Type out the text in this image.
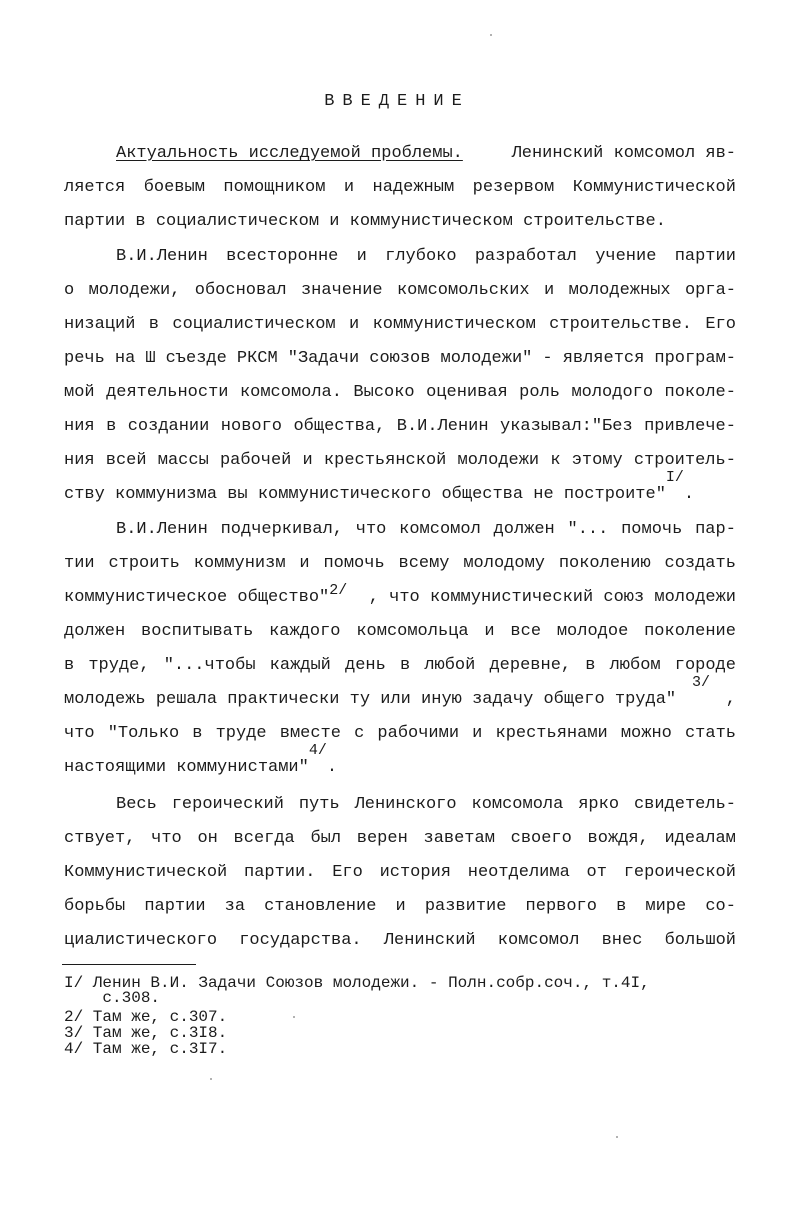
ВВЕДЕНИЕ
Актуальность исследуемой проблемы.	Ленинский комсомол яв-
ляется боевым помощником и надежным резервом Коммунистической
партии в социалистическом и коммунистическом строительстве.
В.И.Ленин всесторонне и глубоко разработал учение партии
о молодежи, обосновал значение комсомольских и молодежных орга-
низаций в социалистическом и коммунистическом строительстве. Его
речь на Ш съезде РКСМ "Задачи союзов молодежи" - является програм-
мой деятельности комсомола. Высоко оценивая роль молодого поколе-
ния в создании нового общества, В.И.Ленин указывал:"Без привлече-
ния всей массы рабочей и крестьянской молодежи к этому строитель-
ству коммунизма вы коммунистического общества не построите"
I/
.
В.И.Ленин подчеркивал, что комсомол должен "... помочь пар-
тии строить коммунизм и помочь всему молодому поколению создать
коммунистическое общество"$^{2/}$ , что коммунистический союз молодежи
должен воспитывать каждого комсомольца и все молодое поколение
в труде, "...чтобы каждый день в любой деревне, в любом городе
молодежь решала практически ту или иную задачу общего труда"
3/
,
что "Только в труде вместе с рабочими и крестьянами можно стать
настоящими коммунистами"
4/
.
Весь героический путь Ленинского комсомола ярко свидетель-
ствует, что он всегда был верен заветам своего вождя, идеалам
Коммунистической партии. Его история неотделима от героической
борьбы партии за становление и развитие первого в мире со-
циалистического государства. Ленинский комсомол внес большой
I/ Ленин В.И. Задачи Союзов молодежи. - Полн.собр.соч., т.4I,
с.308.
2/ Там же, с.307.
3/ Там же, с.3I8.
4/ Там же, с.3I7.
